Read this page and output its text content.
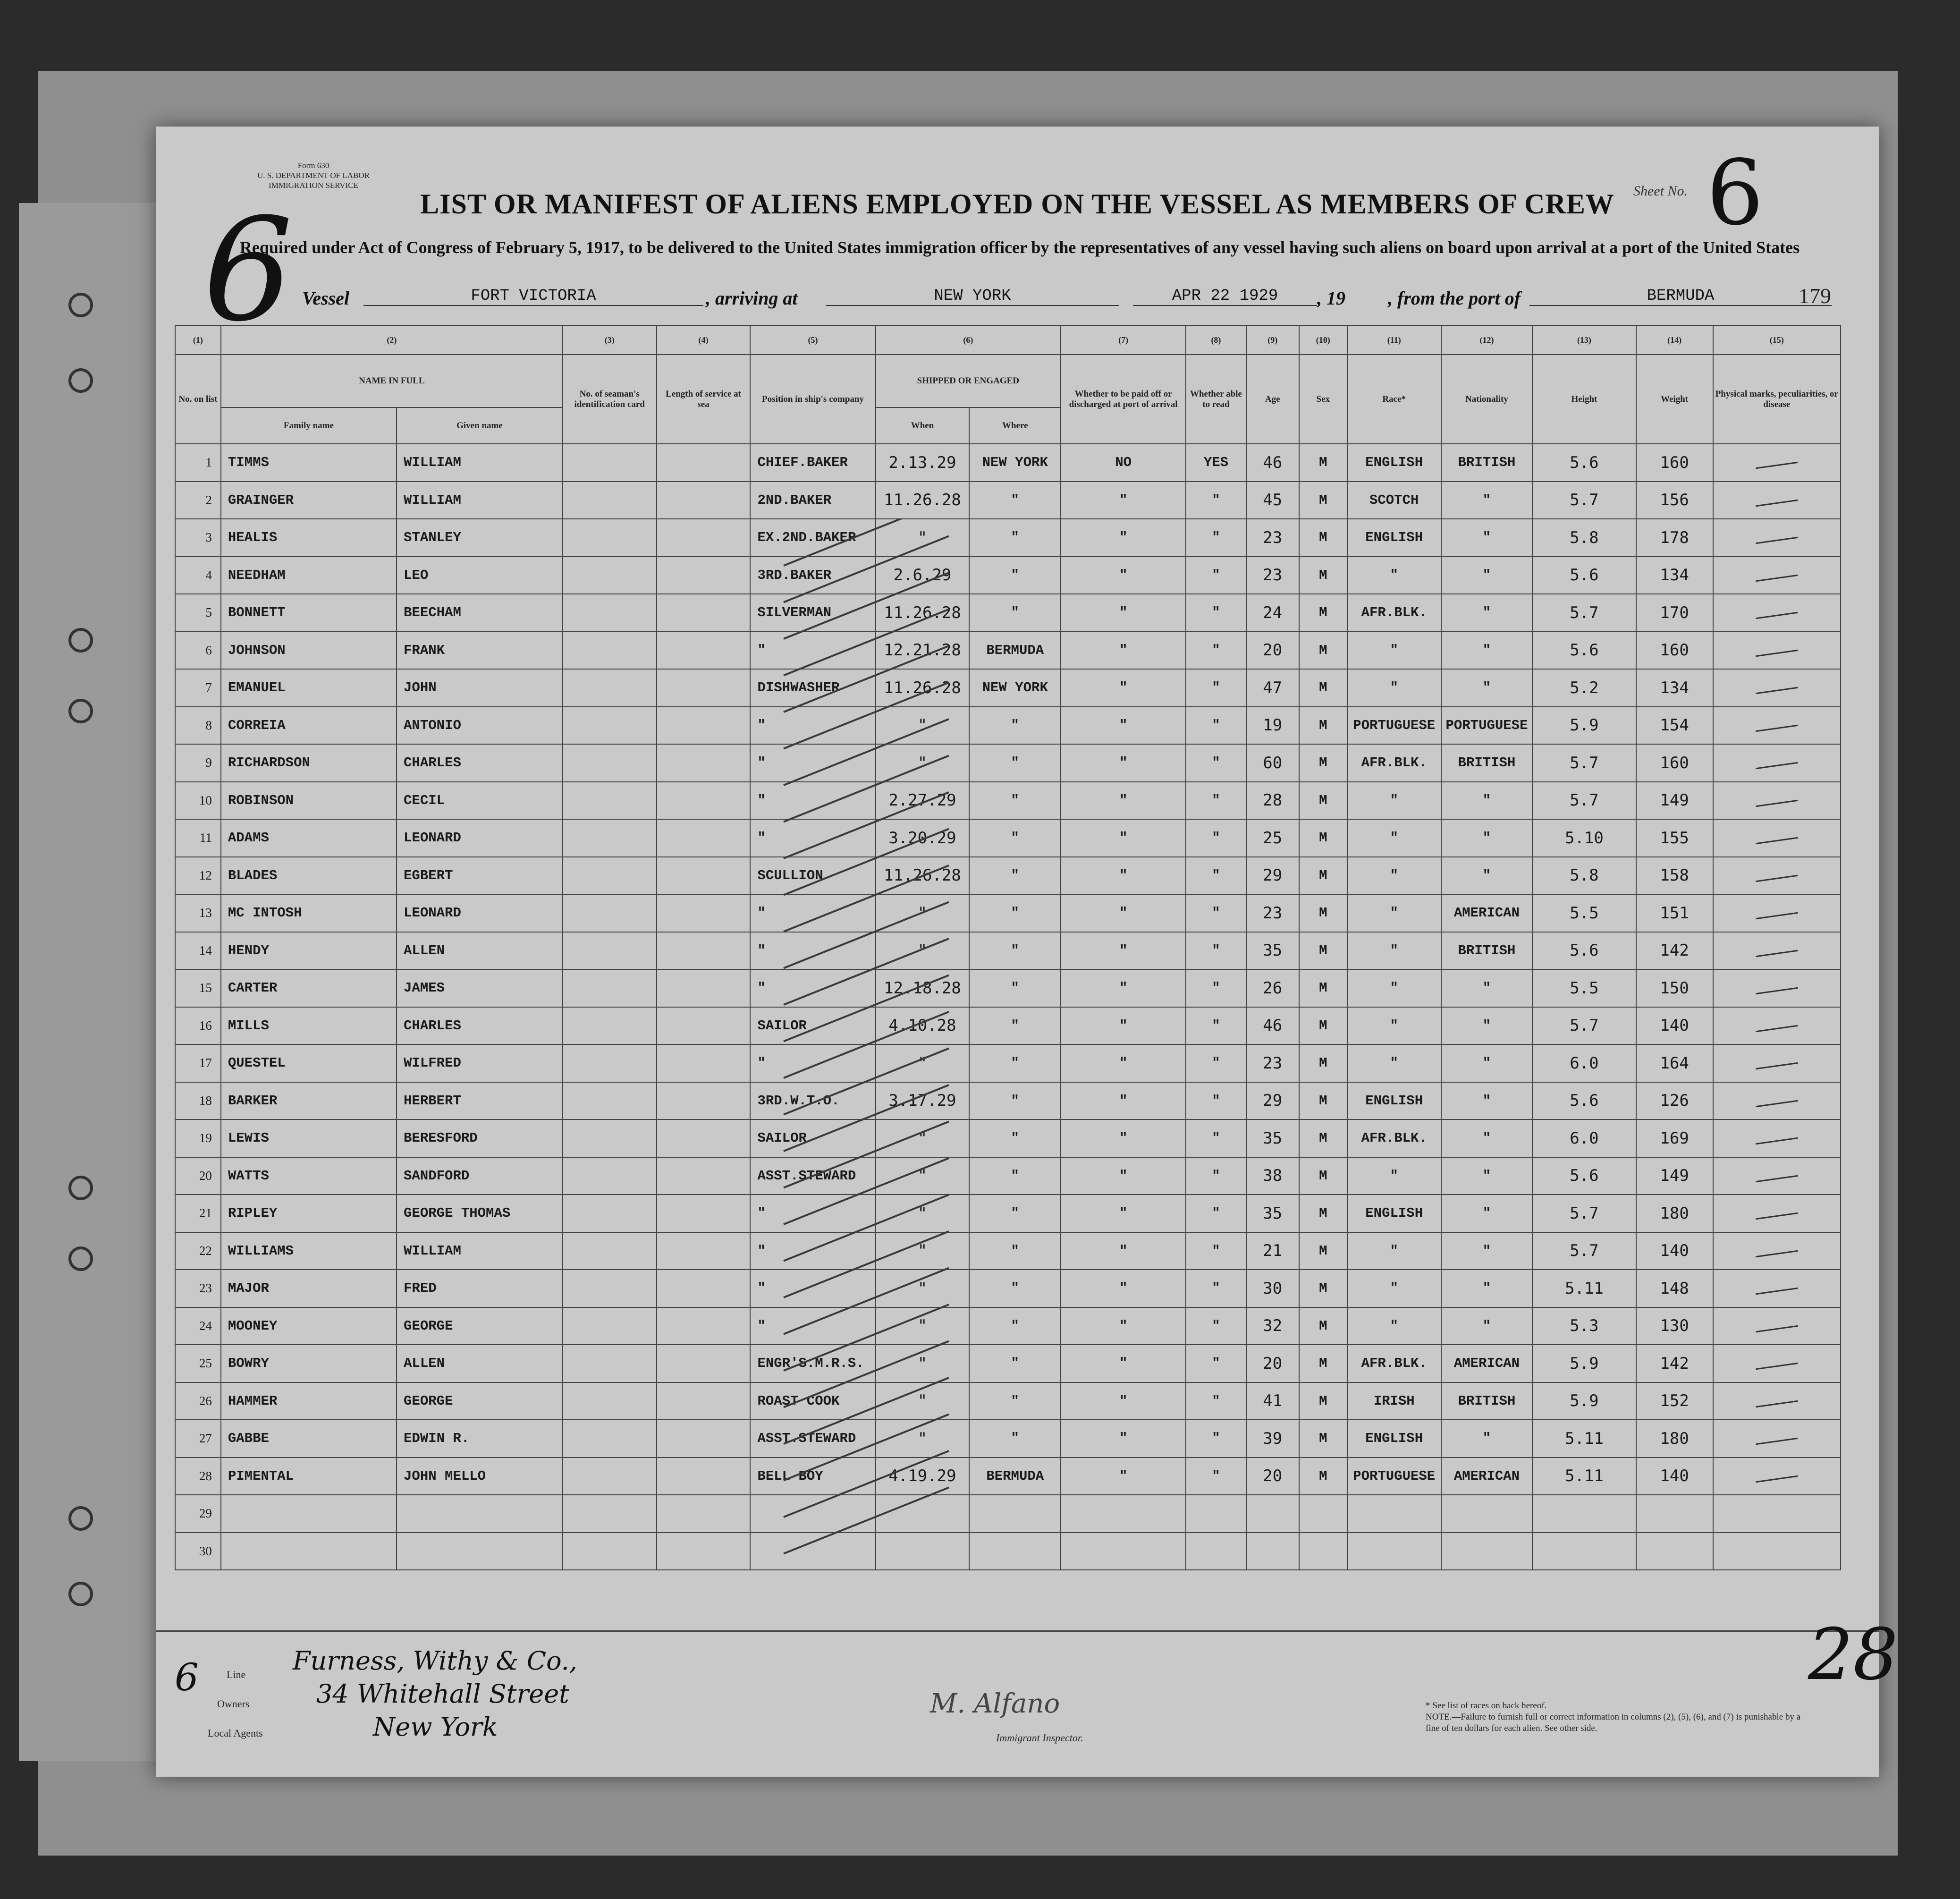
Form 630
U. S. DEPARTMENT OF LABOR
IMMIGRATION SERVICE
6	Sheet No. 6
LIST OR MANIFEST OF ALIENS EMPLOYED ON THE VESSEL AS MEMBERS OF CREW
Required under Act of Congress of February 5, 1917, to be delivered to the United States immigration officer by the representatives of any vessel having such aliens on board upon arrival at a port of the United States
Vessel	FORT VICTORIA	, arriving at	NEW YORK	APR 22 1929	, 19 , from the port of	BERMUDA	179
(1)	(2)		(3)	(4)	(5)	(6)		(7)	(8)	(9)	(10)	(11)	(12)	(13)	(14)	(15)
No. on list	NAME IN FULL		No. of seaman's identification card	Length of service at sea	Position in ship's company	SHIPPED OR ENGAGED		Whether to be paid off or discharged at port of arrival	Whether able to read	Age	Sex	Race*	Nationality	Height	Weight	Physical marks, peculiarities, or disease
	Family name	Given name				When	Where									
1	TIMMS	WILLIAM			CHIEF.BAKER	2.13.29	NEW YORK	NO	YES	46	M	ENGLISH	BRITISH	5.6	160	
2	GRAINGER	WILLIAM			2ND.BAKER	11.26.28	"	"	"	45	M	SCOTCH	"	5.7	156	
3	HEALIS	STANLEY			EX.2ND.BAKER	"	"	"	"	23	M	ENGLISH	"	5.8	178	
4	NEEDHAM	LEO			3RD.BAKER	2.6.29	"	"	"	23	M	"	"	5.6	134	
5	BONNETT	BEECHAM			SILVERMAN	11.26.28	"	"	"	24	M	AFR.BLK.	"	5.7	170	
6	JOHNSON	FRANK			"	12.21.28	BERMUDA	"	"	20	M	"	"	5.6	160	
7	EMANUEL	JOHN			DISHWASHER	11.26.28	NEW YORK	"	"	47	M	"	"	5.2	134	
8	CORREIA	ANTONIO			"	"	"	"	"	19	M	PORTUGUESE	PORTUGUESE	5.9	154	
9	RICHARDSON	CHARLES			"	"	"	"	"	60	M	AFR.BLK.	BRITISH	5.7	160	
10	ROBINSON	CECIL			"	2.27.29	"	"	"	28	M	"	"	5.7	149	
11	ADAMS	LEONARD			"	3.20.29	"	"	"	25	M	"	"	5.10	155	
12	BLADES	EGBERT			SCULLION	11.26.28	"	"	"	29	M	"	"	5.8	158	
13	MC INTOSH	LEONARD			"	"	"	"	"	23	M	"	AMERICAN	5.5	151	
14	HENDY	ALLEN			"	"	"	"	"	35	M	"	BRITISH	5.6	142	
15	CARTER	JAMES			"	12.18.28	"	"	"	26	M	"	"	5.5	150	
16	MILLS	CHARLES			SAILOR	4.10.28	"	"	"	46	M	"	"	5.7	140	
17	QUESTEL	WILFRED			"	"	"	"	"	23	M	"	"	6.0	164	
18	BARKER	HERBERT			3RD.W.T.O.	3.17.29	"	"	"	29	M	ENGLISH	"	5.6	126	
19	LEWIS	BERESFORD			SAILOR	"	"	"	"	35	M	AFR.BLK.	"	6.0	169	
20	WATTS	SANDFORD			ASST.STEWARD	"	"	"	"	38	M	"	"	5.6	149	
21	RIPLEY	GEORGE THOMAS			"	"	"	"	"	35	M	ENGLISH	"	5.7	180	
22	WILLIAMS	WILLIAM			"	"	"	"	"	21	M	"	"	5.7	140	
23	MAJOR	FRED			"	"	"	"	"	30	M	"	"	5.11	148	
24	MOONEY	GEORGE			"	"	"	"	"	32	M	"	"	5.3	130	
25	BOWRY	ALLEN			ENGR'S.M.R.S.	"	"	"	"	20	M	AFR.BLK.	AMERICAN	5.9	142	
26	HAMMER	GEORGE			ROAST COOK	"	"	"	"	41	M	IRISH	BRITISH	5.9	152	
27	GABBE	EDWIN R.			ASST.STEWARD	"	"	"	"	39	M	ENGLISH	"	5.11	180	
28	PIMENTAL	JOHN MELLO			BELL BOY	4.19.29	BERMUDA	"	"	20	M	PORTUGUESE	AMERICAN	5.11	140	
29																
30																
6	Line
Owners
Local Agents
Furness, Withy & Co.,
34 Whitehall Street
New York
M. Alfano
Immigrant Inspector.
* See list of races on back hereof.
NOTE.—Failure to furnish full or correct information in columns (2), (5), (6), and (7) is punishable by a fine of ten dollars for each alien. See other side.
28
